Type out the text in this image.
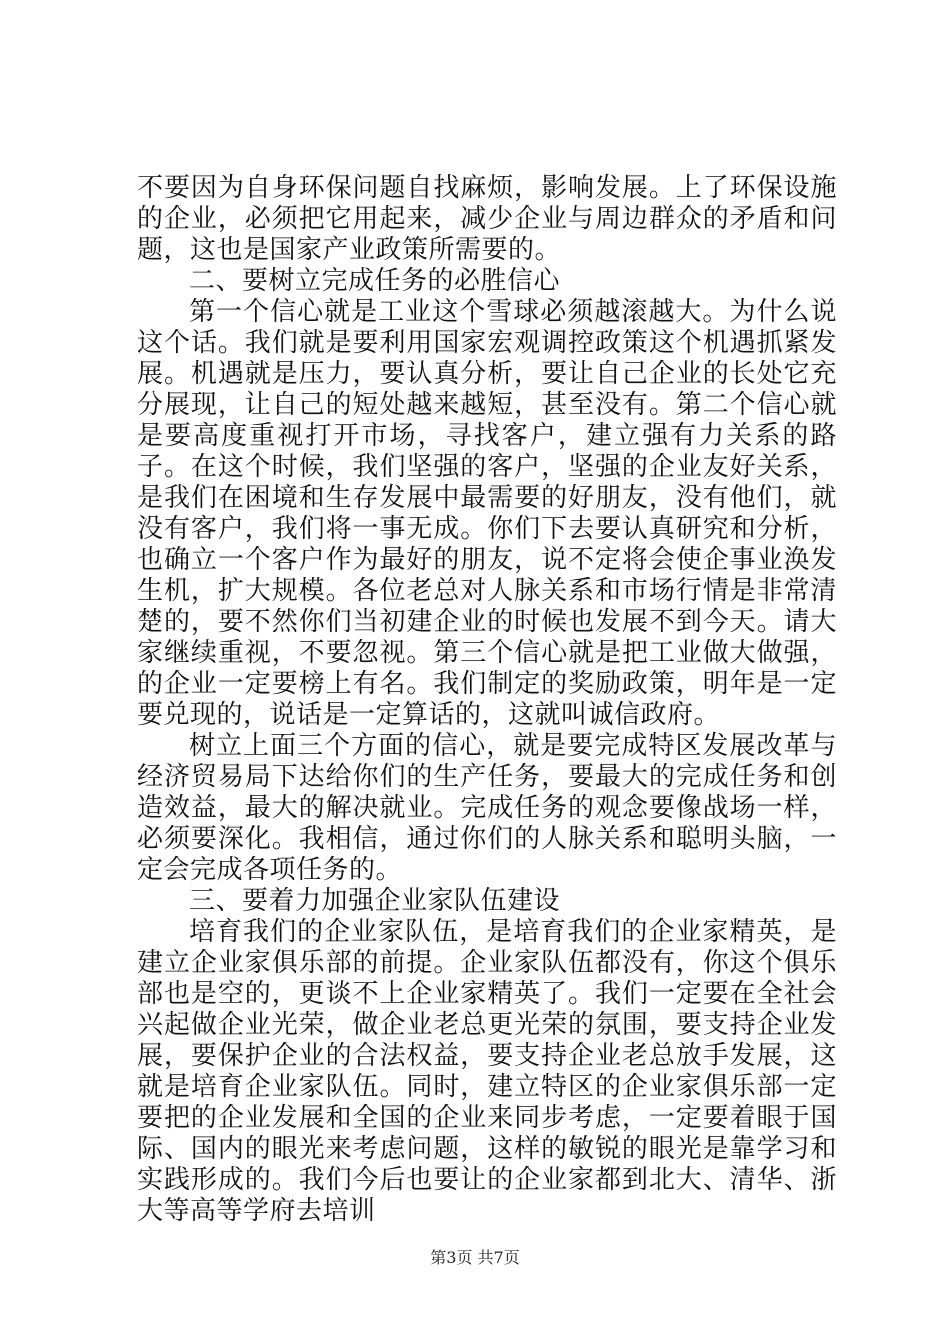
不要因为自身环保问题自找麻烦，影响发展。上了环保设施的企业，必须把它用起来，减少企业与周边群众的矛盾和问题，这也是国家产业政策所需要的。

二、要树立完成任务的必胜信心

第一个信心就是工业这个雪球必须越滚越大。为什么说这个话。我们就是要利用国家宏观调控政策这个机遇抓紧发展。机遇就是压力，要认真分析，要让自己企业的长处它充分展现，让自己的短处越来越短，甚至没有。第二个信心就是要高度重视打开市场，寻找客户，建立强有力关系的路子。在这个时候，我们坚强的客户，坚强的企业友好关系，是我们在困境和生存发展中最需要的好朋友，没有他们，就没有客户，我们将一事无成。你们下去要认真研究和分析，也确立一个客户作为最好的朋友，说不定将会使企事业涣发生机，扩大规模。各位老总对人脉关系和市场行情是非常清楚的，要不然你们当初建企业的时候也发展不到今天。请大家继续重视，不要忽视。第三个信心就是把工业做大做强，的企业一定要榜上有名。我们制定的奖励政策，明年是一定要兑现的，说话是一定算话的，这就叫诚信政府。

树立上面三个方面的信心，就是要完成特区发展改革与经济贸易局下达给你们的生产任务，要最大的完成任务和创造效益，最大的解决就业。完成任务的观念要像战场一样，必须要深化。我相信，通过你们的人脉关系和聪明头脑，一定会完成各项任务的。

三、要着力加强企业家队伍建设

培育我们的企业家队伍，是培育我们的企业家精英，是建立企业家俱乐部的前提。企业家队伍都没有，你这个俱乐部也是空的，更谈不上企业家精英了。我们一定要在全社会兴起做企业光荣，做企业老总更光荣的氛围，要支持企业发展，要保护企业的合法权益，要支持企业老总放手发展，这就是培育企业家队伍。同时，建立特区的企业家俱乐部一定要把的企业发展和全国的企业来同步考虑，一定要着眼于国际、国内的眼光来考虑问题，这样的敏锐的眼光是靠学习和实践形成的。我们今后也要让的企业家都到北大、清华、浙大等高等学府去培训

第3页 共7页
